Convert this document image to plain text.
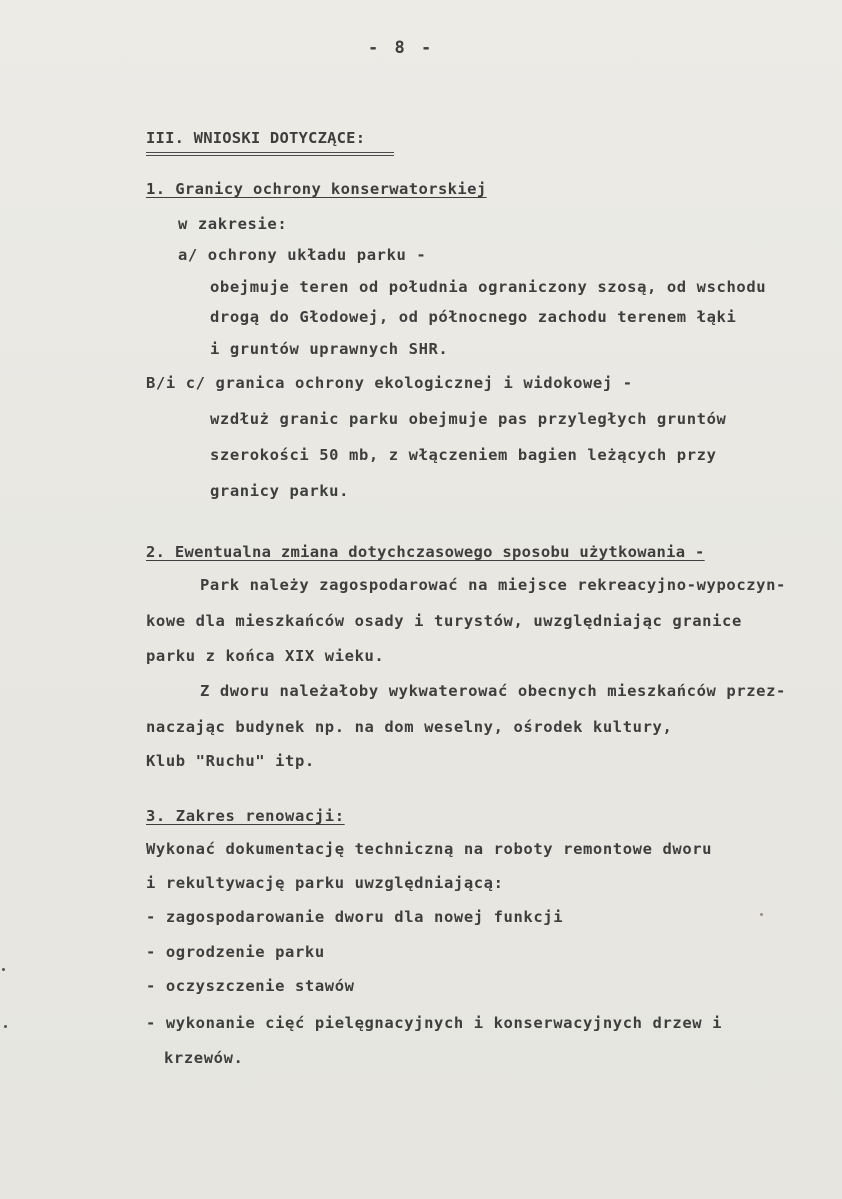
- 8 -
III. WNIOSKI DOTYCZĄCE:
1. Granicy ochrony konserwatorskiej
w zakresie:
a/ ochrony układu parku -
obejmuje teren od południa ograniczony szosą, od wschodu
drogą do Głodowej, od północnego zachodu terenem łąki
i gruntów uprawnych SHR.
B/i c/ granica ochrony ekologicznej i widokowej -
wzdłuż granic parku obejmuje pas przyległych gruntów
szerokości 50 mb, z włączeniem bagien leżących przy
granicy parku.
2. Ewentualna zmiana dotychczasowego sposobu użytkowania -
Park należy zagospodarować na miejsce rekreacyjno-wypoczyn-
kowe dla mieszkańców osady i turystów, uwzględniając granice
parku z końca XIX wieku.
Z dworu należałoby wykwaterować obecnych mieszkańców przez-
naczając budynek np. na dom weselny, ośrodek kultury,
Klub "Ruchu" itp.
3. Zakres renowacji:
Wykonać dokumentację techniczną na roboty remontowe dworu
i rekultywację parku uwzględniającą:
- zagospodarowanie dworu dla nowej funkcji
- ogrodzenie parku
- oczyszczenie stawów
- wykonanie cięć pielęgnacyjnych i konserwacyjnych drzew i
krzewów.
